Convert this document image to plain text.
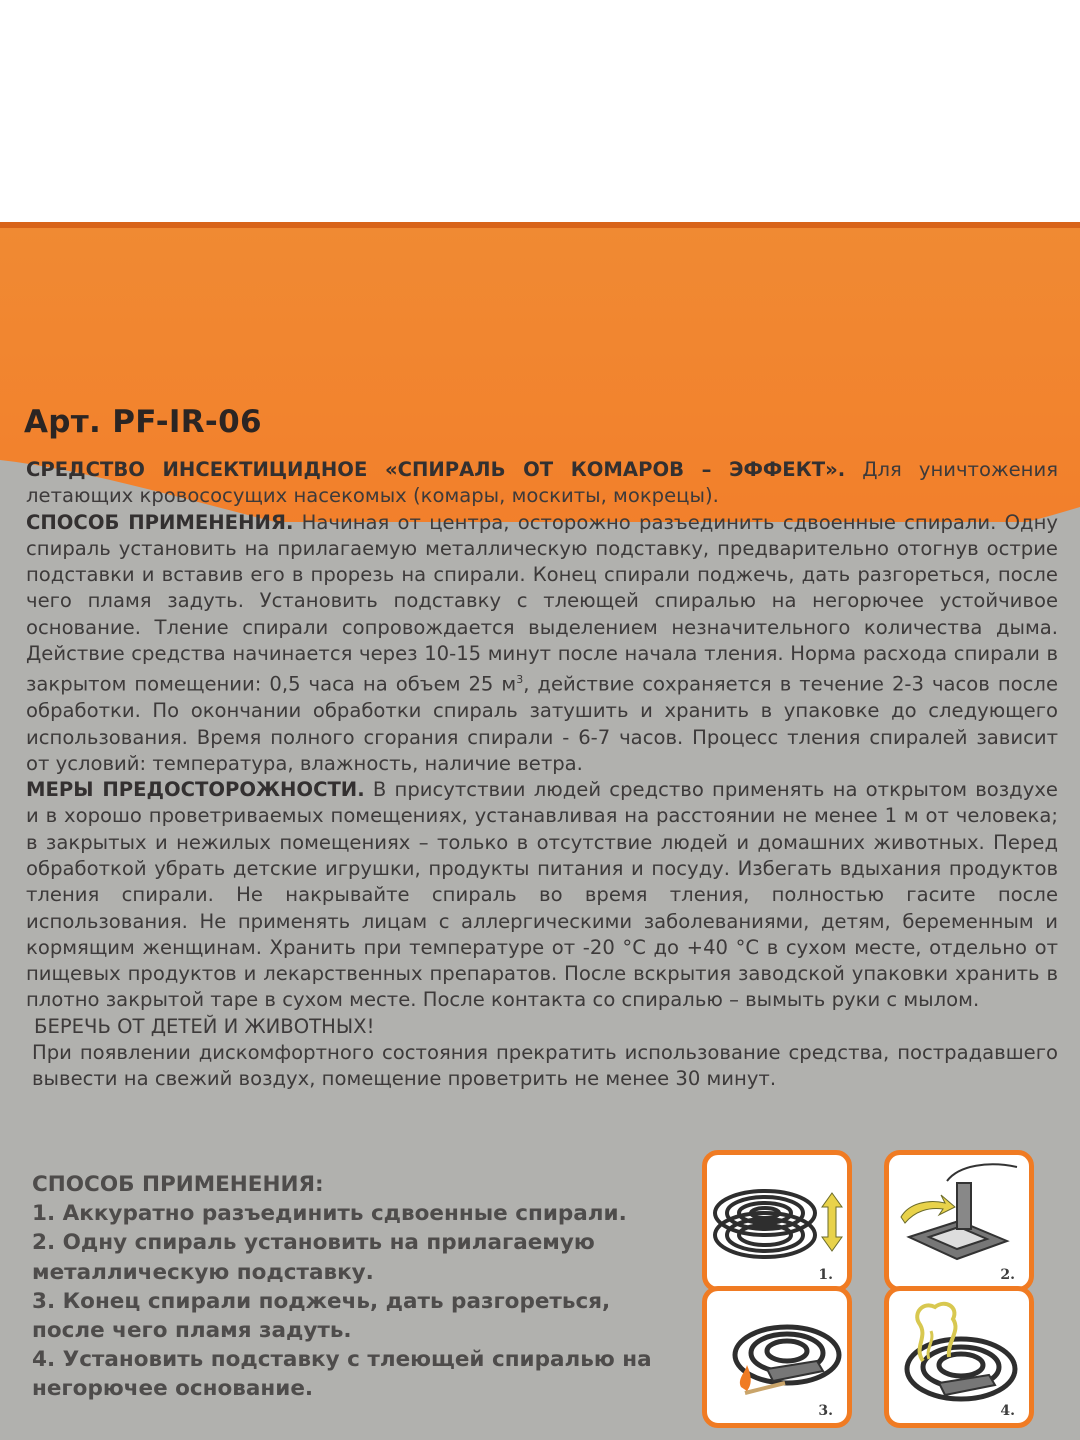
Арт. PF-IR-06

СРЕДСТВО ИНСЕКТИЦИДНОЕ «СПИРАЛЬ ОТ КОМАРОВ – ЭФФЕКТ». Для уничтожения летающих кровососущих насекомых (комары, москиты, мокрецы).

СПОСОБ ПРИМЕНЕНИЯ. Начиная от центра, осторожно разъединить сдвоенные спирали. Одну спираль установить на прилагаемую металлическую подставку, предварительно отогнув острие подставки и вставив его в прорезь на спирали. Конец спирали поджечь, дать разгореться, после чего пламя задуть. Установить подставку с тлеющей спиралью на негорючее устойчивое основание. Тление спирали сопровождается выделением незначительного количества дыма. Действие средства начинается через 10-15 минут после начала тления. Норма расхода спирали в закрытом помещении: 0,5 часа на объем 25 $м^3$, действие сохраняется в течение 2-3 часов после обработки. По окончании обработки спираль затушить и хранить в упаковке до следующего использования. Время полного сгорания спирали - 6-7 часов. Процесс тления спиралей зависит от условий: температура, влажность, наличие ветра.

МЕРЫ ПРЕДОСТОРОЖНОСТИ. В присутствии людей средство применять на открытом воздухе и в хорошо проветриваемых помещениях, устанавливая на расстоянии не менее 1 м от человека; в закрытых и нежилых помещениях – только в отсутствие людей и домашних животных. Перед обработкой убрать детские игрушки, продукты питания и посуду. Избегать вдыхания продуктов тления спирали. Не накрывайте спираль во время тления, полностью гасите после использования. Не применять лицам с аллергическими заболеваниями, детям, беременным и кормящим женщинам. Хранить при температуре от -20 °С до +40 °С в сухом месте, отдельно от пищевых продуктов и лекарственных препаратов. После вскрытия заводской упаковки хранить в плотно закрытой таре в сухом месте. После контакта со спиралью – вымыть руки с мылом.

БЕРЕЧЬ ОТ ДЕТЕЙ И ЖИВОТНЫХ!

При появлении дискомфортного состояния прекратить использование средства, пострадавшего вывести на свежий воздух, помещение проветрить не менее 30 минут.

СПОСОБ ПРИМЕНЕНИЯ:

1. Аккуратно разъединить сдвоенные спирали.

2. Одну спираль установить на прилагаемую металлическую подставку.

3. Конец спирали поджечь, дать разгореться, после чего пламя задуть.

4. Установить подставку с тлеющей спиралью на негорючее основание.

1.	2.
3.	4.
